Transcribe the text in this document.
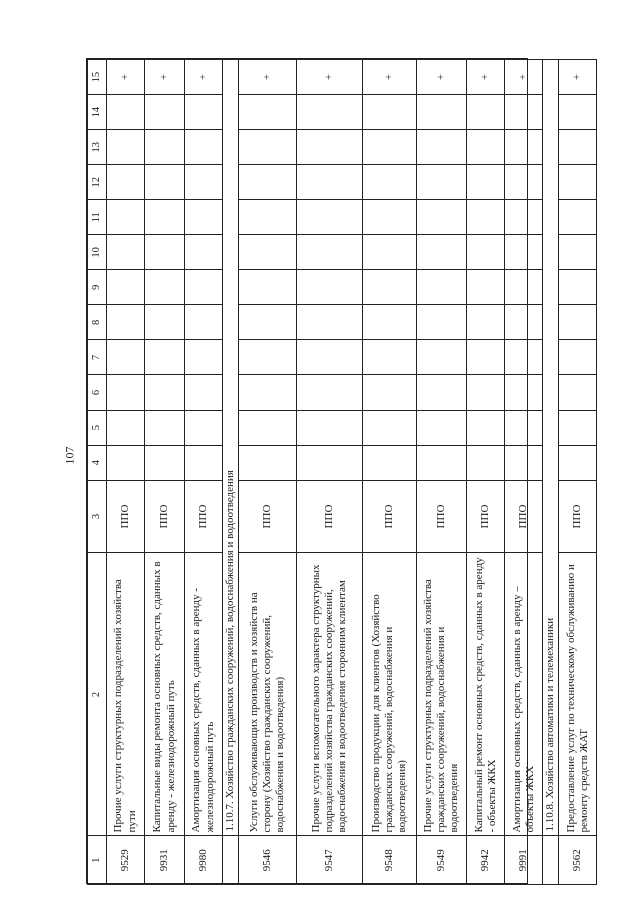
107
1	2	3	4	5	6	7	8	9	10	11	12	13	14	15
9529	Прочие услуги структурных подразделений хозяйства пути	ППО												+
9931	Капитальные виды ремонта основных средств, сданных в аренду - железнодорожный путь	ППО												+
9980	Амортизация основных средств, сданных в аренду - железнодорожный путь	ППО												+
	1.10.7. Хозяйство гражданских сооружений, водоснабжения и водоотведения													
9546	Услуги обслуживающих производств и хозяйств на сторону (Хозяйство гражданских сооружений, водоснабжения и водоотведения)	ППО												+
9547	Прочие услуги вспомогательного характера структурных подразделений хозяйства гражданских сооружений, водоснабжения и водоотведения сторонним клиентам	ППО												+
9548	Производство продукции для клиентов (Хозяйство гражданских сооружений, водоснабжения и водоотведения)	ППО												+
9549	Прочие услуги структурных подразделений хозяйства гражданских сооружений, водоснабжения и водоотведения	ППО												+
9942	Капитальный ремонт основных средств, сданных в аренду - объекты ЖКХ	ППО												+
9991	Амортизация основных средств, сданных в аренду – объекты ЖКХ	ППО												+
	1.10.8. Хозяйство автоматики и телемеханики													
9562	Предоставление услуг по техническому обслуживанию и ремонту средств ЖАТ	ППО												+
